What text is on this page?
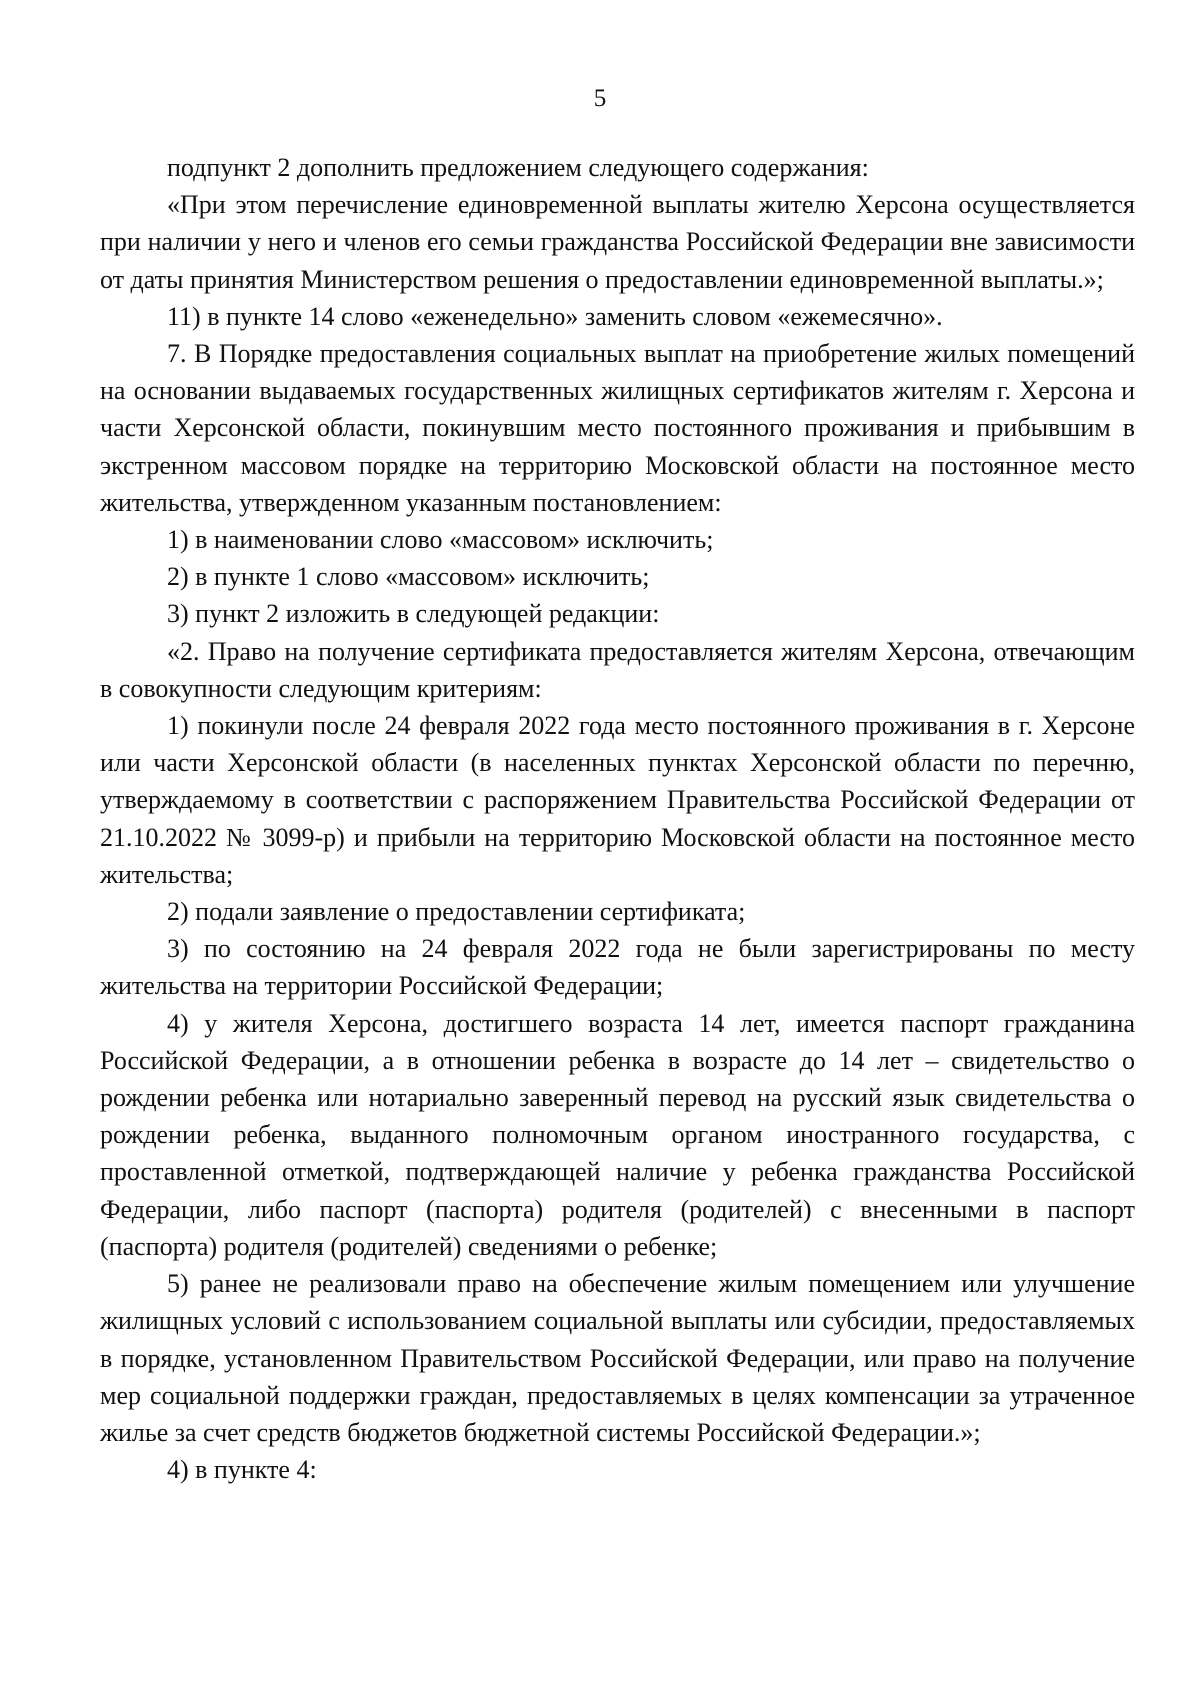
5

подпункт 2 дополнить предложением следующего содержания:

«При этом перечисление единовременной выплаты жителю Херсона осуществляется при наличии у него и членов его семьи гражданства Российской Федерации вне зависимости от даты принятия Министерством решения о предоставлении единовременной выплаты.»;

11) в пункте 14 слово «еженедельно» заменить словом «ежемесячно».

7. В Порядке предоставления социальных выплат на приобретение жилых помещений на основании выдаваемых государственных жилищных сертификатов жителям г. Херсона и части Херсонской области, покинувшим место постоянного проживания и прибывшим в экстренном массовом порядке на территорию Московской области на постоянное место жительства, утвержденном указанным постановлением:

1) в наименовании слово «массовом» исключить;

2) в пункте 1 слово «массовом» исключить;

3) пункт 2 изложить в следующей редакции:

«2. Право на получение сертификата предоставляется жителям Херсона, отвечающим в совокупности следующим критериям:

1) покинули после 24 февраля 2022 года место постоянного проживания в г. Херсоне или части Херсонской области (в населенных пунктах Херсонской области по перечню, утверждаемому в соответствии с распоряжением Правительства Российской Федерации от 21.10.2022 № 3099-р) и прибыли на территорию Московской области на постоянное место жительства;

2) подали заявление о предоставлении сертификата;

3) по состоянию на 24 февраля 2022 года не были зарегистрированы по месту жительства на территории Российской Федерации;

4) у жителя Херсона, достигшего возраста 14 лет, имеется паспорт гражданина Российской Федерации, а в отношении ребенка в возрасте до 14 лет – свидетельство о рождении ребенка или нотариально заверенный перевод на русский язык свидетельства о рождении ребенка, выданного полномочным органом иностранного государства, с проставленной отметкой, подтверждающей наличие у ребенка гражданства Российской Федерации, либо паспорт (паспорта) родителя (родителей) с внесенными в паспорт (паспорта) родителя (родителей) сведениями о ребенке;

5) ранее не реализовали право на обеспечение жилым помещением или улучшение жилищных условий с использованием социальной выплаты или субсидии, предоставляемых в порядке, установленном Правительством Российской Федерации, или право на получение мер социальной поддержки граждан, предоставляемых в целях компенсации за утраченное жилье за счет средств бюджетов бюджетной системы Российской Федерации.»;

4) в пункте 4:
